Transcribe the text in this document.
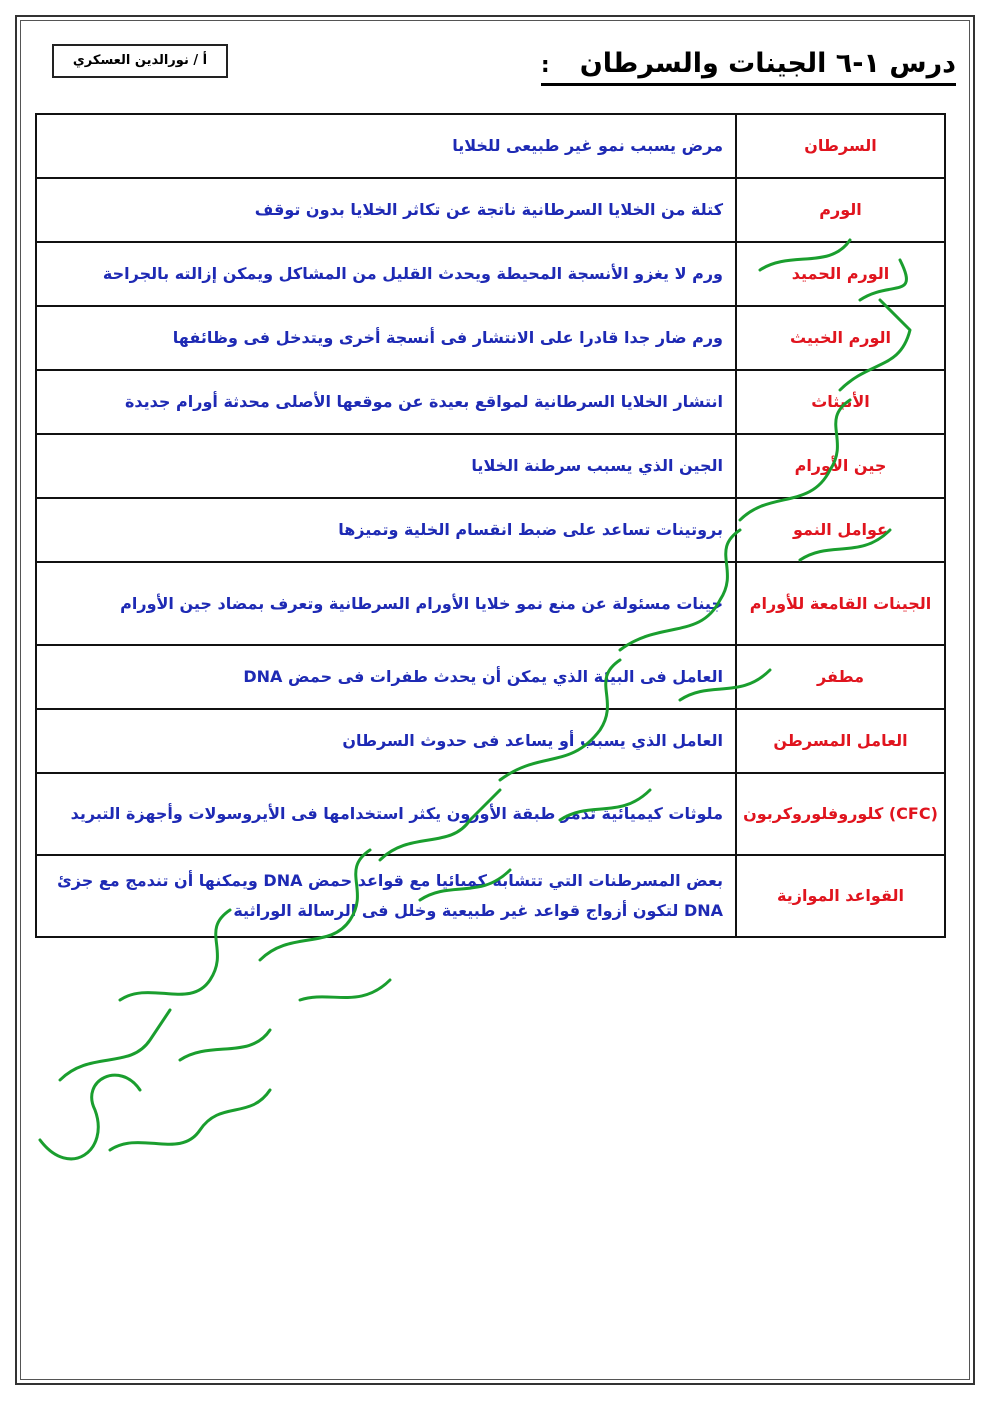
أ / نورالدين العسكري	درس ١-٦ الجينات والسرطان:
السرطان	مرض يسبب نمو غير طبيعى للخلايا
الورم	كتلة من الخلايا السرطانية ناتجة عن تكاثر الخلايا بدون توقف
الورم الحميد	ورم لا يغزو الأنسجة المحيطة ويحدث القليل من المشاكل ويمكن إزالته بالجراحة
الورم الخبيث	ورم ضار جدا قادرا على الانتشار فى أنسجة أخرى ويتدخل فى وظائفها
الأنبثاث	انتشار الخلايا السرطانية لمواقع بعيدة عن موقعها الأصلى محدثة أورام جديدة
جين الأورام	الجين الذي يسبب سرطنة الخلايا
عوامل النمو	بروتينات تساعد على ضبط انقسام الخلية وتميزها
الجينات القامعة للأورام	جينات مسئولة عن منع نمو خلايا الأورام السرطانية وتعرف بمضاد جين الأورام
مطفر	العامل فى البيئة الذي يمكن أن يحدث طفرات فى حمض DNA
العامل المسرطن	العامل الذي يسبب أو يساعد فى حدوث السرطان
(CFC) كلوروفلوروكربون	ملوثات كيميائية تدمر طبقة الأوزون يكثر استخدامها فى الأيروسولات وأجهزة التبريد
القواعد الموازية	بعض المسرطنات التي تتشابه كميائيا مع قواعد حمض DNA ويمكنها أن تندمج مع جزئ DNA لتكون أزواج قواعد غير طبيعية وخلل فى الرسالة الوراثية
